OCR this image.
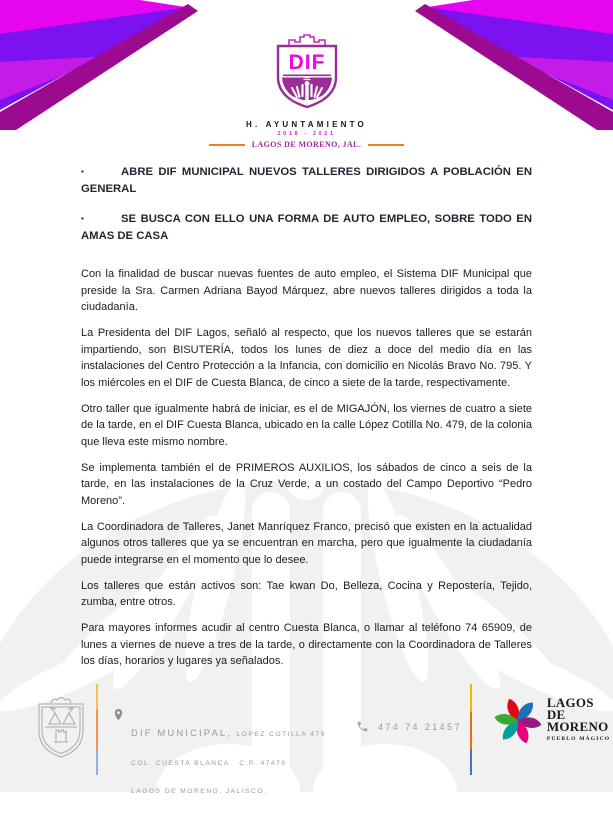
DIF
H. AYUNTAMIENTO
2018 - 2021
LAGOS DE MORENO, JAL.

▪	ABRE DIF MUNICIPAL NUEVOS TALLERES DIRIGIDOS A POBLACIÓN EN GENERAL

▪	SE BUSCA CON ELLO UNA FORMA DE AUTO EMPLEO, SOBRE TODO EN AMAS DE CASA

Con la finalidad de buscar nuevas fuentes de auto empleo, el Sistema DIF Municipal que preside la Sra. Carmen Adriana Bayod Márquez, abre nuevos talleres dirigidos a toda la ciudadanía.

La Presidenta del DIF Lagos, señaló al respecto, que los nuevos talleres que se estarán impartiendo, son BISUTERÍA, todos los lunes de diez a doce del medio día en las instalaciones del Centro Protección a la Infancia, con domicilio en Nicolás Bravo No. 795. Y los miércoles en el DIF de Cuesta Blanca, de cinco a siete de la tarde, respectivamente.

Otro taller que igualmente habrá de iniciar, es el de MIGAJÓN, los viernes de cuatro a siete de la tarde, en el DIF Cuesta Blanca, ubicado en la calle López Cotilla No. 479, de la colonia que lleva este mismo nombre.

Se implementa también el de PRIMEROS AUXILIOS, los sábados de cinco a seis de la tarde, en las instalaciones de la Cruz Verde, a un costado del Campo Deportivo “Pedro Moreno”.

La Coordinadora de Talleres, Janet Manríquez Franco, precisó que existen en la actualidad algunos otros talleres que ya se encuentran en marcha, pero que igualmente la ciudadanía puede integrarse en el momento que lo desee.

Los talleres que están activos son: Tae kwan Do, Belleza, Cocina y Repostería, Tejido, zumba, entre otros.

Para mayores informes acudir al centro Cuesta Blanca, o llamar al teléfono 74 65909, de lunes a viernes de nueve a tres de la tarde, o directamente con la Coordinadora de Talleres los días, horarios y lugares ya señalados.

DIF MUNICIPAL, LOPEZ COTILLA 479

COL. CUESTA BLANCA   C.P. 47479

LAGOS DE MORENO, JALISCO.

474 74 21457
LAGOS DE
MORENO
PUEBLO MÁGICO
